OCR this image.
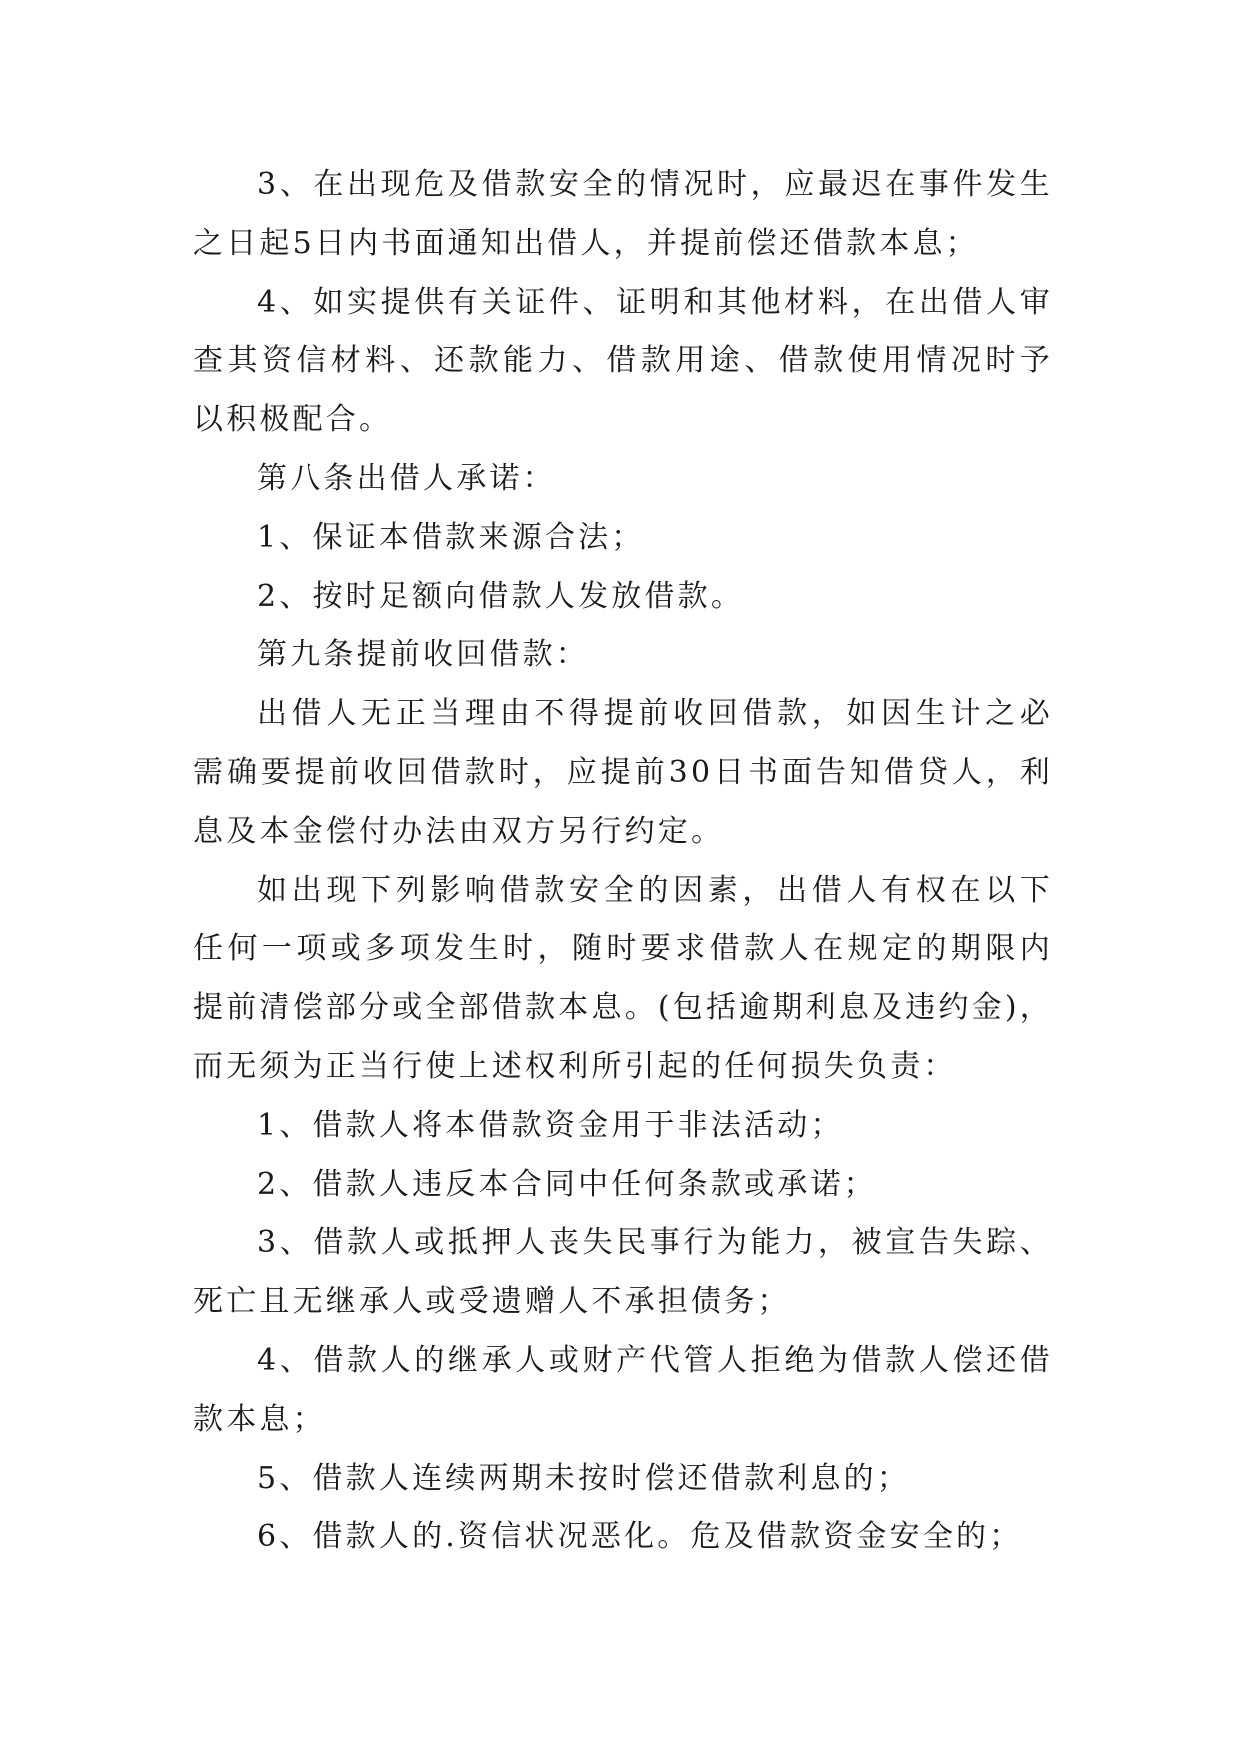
3、在出现危及借款安全的情况时，应最迟在事件发生之日起5日内书面通知出借人，并提前偿还借款本息；

4、如实提供有关证件、证明和其他材料，在出借人审查其资信材料、还款能力、借款用途、借款使用情况时予以积极配合。

第八条出借人承诺：

1、保证本借款来源合法；

2、按时足额向借款人发放借款。

第九条提前收回借款：

出借人无正当理由不得提前收回借款，如因生计之必需确要提前收回借款时，应提前30日书面告知借贷人，利息及本金偿付办法由双方另行约定。

如出现下列影响借款安全的因素，出借人有权在以下任何一项或多项发生时，随时要求借款人在规定的期限内提前清偿部分或全部借款本息。(包括逾期利息及违约金)，而无须为正当行使上述权利所引起的任何损失负责：

1、借款人将本借款资金用于非法活动；

2、借款人违反本合同中任何条款或承诺；

3、借款人或抵押人丧失民事行为能力，被宣告失踪、死亡且无继承人或受遗赠人不承担债务；

4、借款人的继承人或财产代管人拒绝为借款人偿还借款本息；

5、借款人连续两期未按时偿还借款利息的；

6、借款人的.资信状况恶化。危及借款资金安全的；
